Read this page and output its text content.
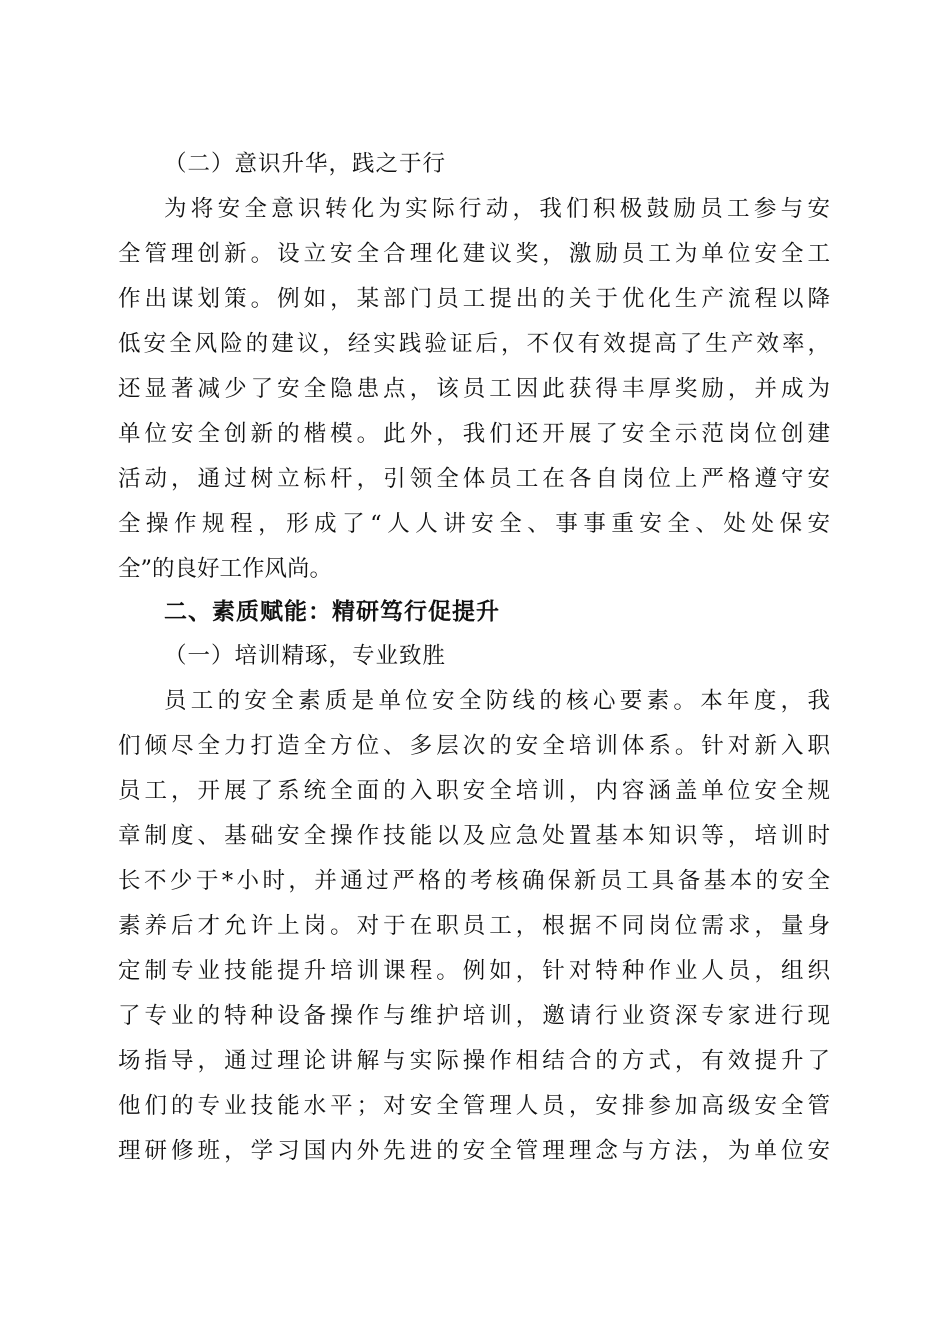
（二）意识升华，践之于行
为将安全意识转化为实际行动，我们积极鼓励员工参与安
全管理创新。设立安全合理化建议奖，激励员工为单位安全工
作出谋划策。例如，某部门员工提出的关于优化生产流程以降
低安全风险的建议，经实践验证后，不仅有效提高了生产效率，
还显著减少了安全隐患点，该员工因此获得丰厚奖励，并成为
单位安全创新的楷模。此外，我们还开展了安全示范岗位创建
活动，通过树立标杆，引领全体员工在各自岗位上严格遵守安
全操作规程，形成了“人人讲安全、事事重安全、处处保安
全”的良好工作风尚。
二、素质赋能：精研笃行促提升
（一）培训精琢，专业致胜
员工的安全素质是单位安全防线的核心要素。本年度，我
们倾尽全力打造全方位、多层次的安全培训体系。针对新入职
员工，开展了系统全面的入职安全培训，内容涵盖单位安全规
章制度、基础安全操作技能以及应急处置基本知识等，培训时
长不少于*小时，并通过严格的考核确保新员工具备基本的安全
素养后才允许上岗。对于在职员工，根据不同岗位需求，量身
定制专业技能提升培训课程。例如，针对特种作业人员，组织
了专业的特种设备操作与维护培训，邀请行业资深专家进行现
场指导，通过理论讲解与实际操作相结合的方式，有效提升了
他们的专业技能水平；对安全管理人员，安排参加高级安全管
理研修班，学习国内外先进的安全管理理念与方法，为单位安
